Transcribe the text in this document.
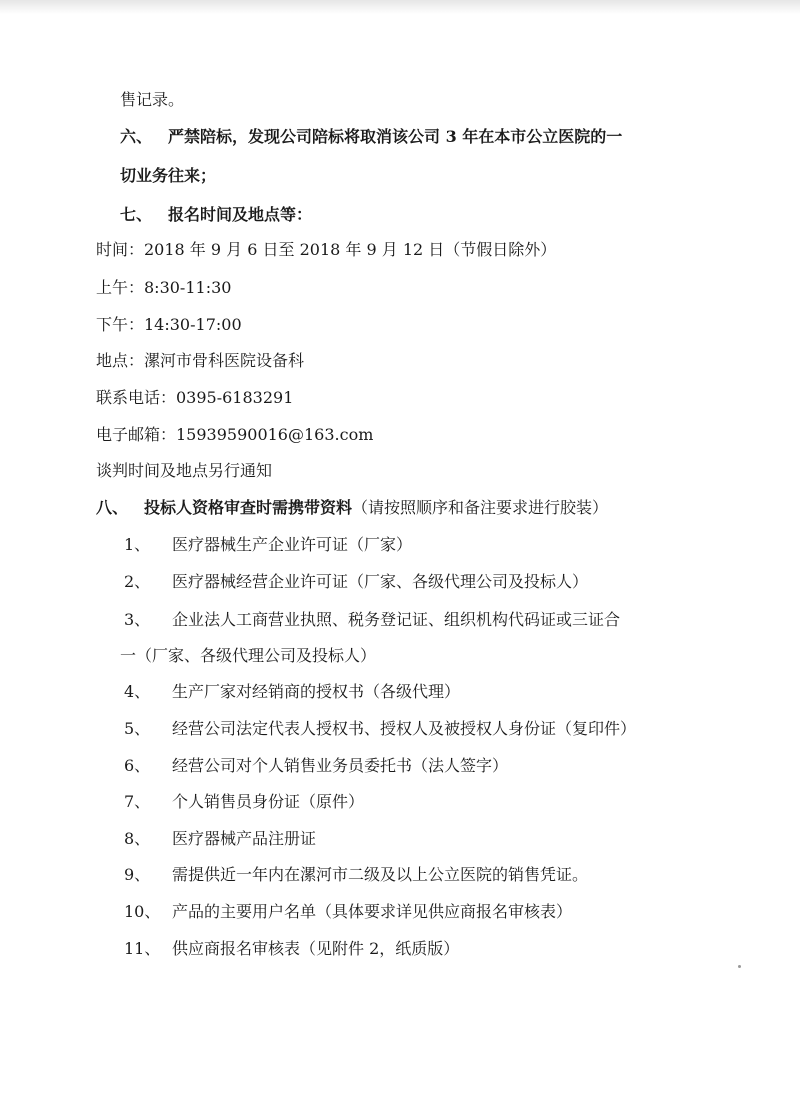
售记录。
六、 严禁陪标，发现公司陪标将取消该公司 3 年在本市公立医院的一
切业务往来；
七、 报名时间及地点等：
时间：2018 年 9 月 6 日至 2018 年 9 月 12 日（节假日除外）
上午：8:30-11:30
下午：14:30-17:00
地点：漯河市骨科医院设备科
联系电话：0395-6183291
电子邮箱：15939590016@163.com
谈判时间及地点另行通知
八、 投标人资格审查时需携带资料（请按照顺序和备注要求进行胶装）
1、 医疗器械生产企业许可证（厂家）
2、 医疗器械经营企业许可证（厂家、各级代理公司及投标人）
3、 企业法人工商营业执照、税务登记证、组织机构代码证或三证合
一（厂家、各级代理公司及投标人）
4、 生产厂家对经销商的授权书（各级代理）
5、 经营公司法定代表人授权书、授权人及被授权人身份证（复印件）
6、 经营公司对个人销售业务员委托书（法人签字）
7、 个人销售员身份证（原件）
8、 医疗器械产品注册证
9、 需提供近一年内在漯河市二级及以上公立医院的销售凭证。
10、 产品的主要用户名单（具体要求详见供应商报名审核表）
11、 供应商报名审核表（见附件 2，纸质版）
